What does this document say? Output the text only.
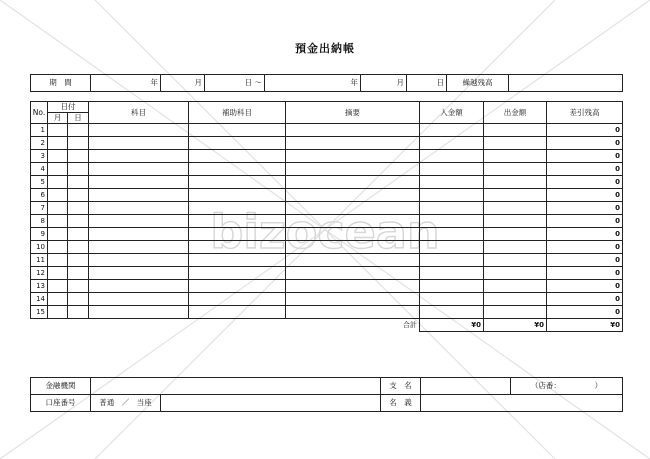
bizocean
預金出納帳
期　間	年	月	日 ～	年	月	日	繰越残高	
No.	日付		科目	補助科目	摘要	入金額	出金額	差引残高
	月	日						
1								0
2								0
3								0
4								0
5								0
6								0
7								0
8								0
9								0
10								0
11								0
12								0
13								0
14								0
15								0
合計						¥0	¥0	¥0
金融機関			支　名		（店番：　　　　　）
口座番号	普通　／　当座		名　義		
